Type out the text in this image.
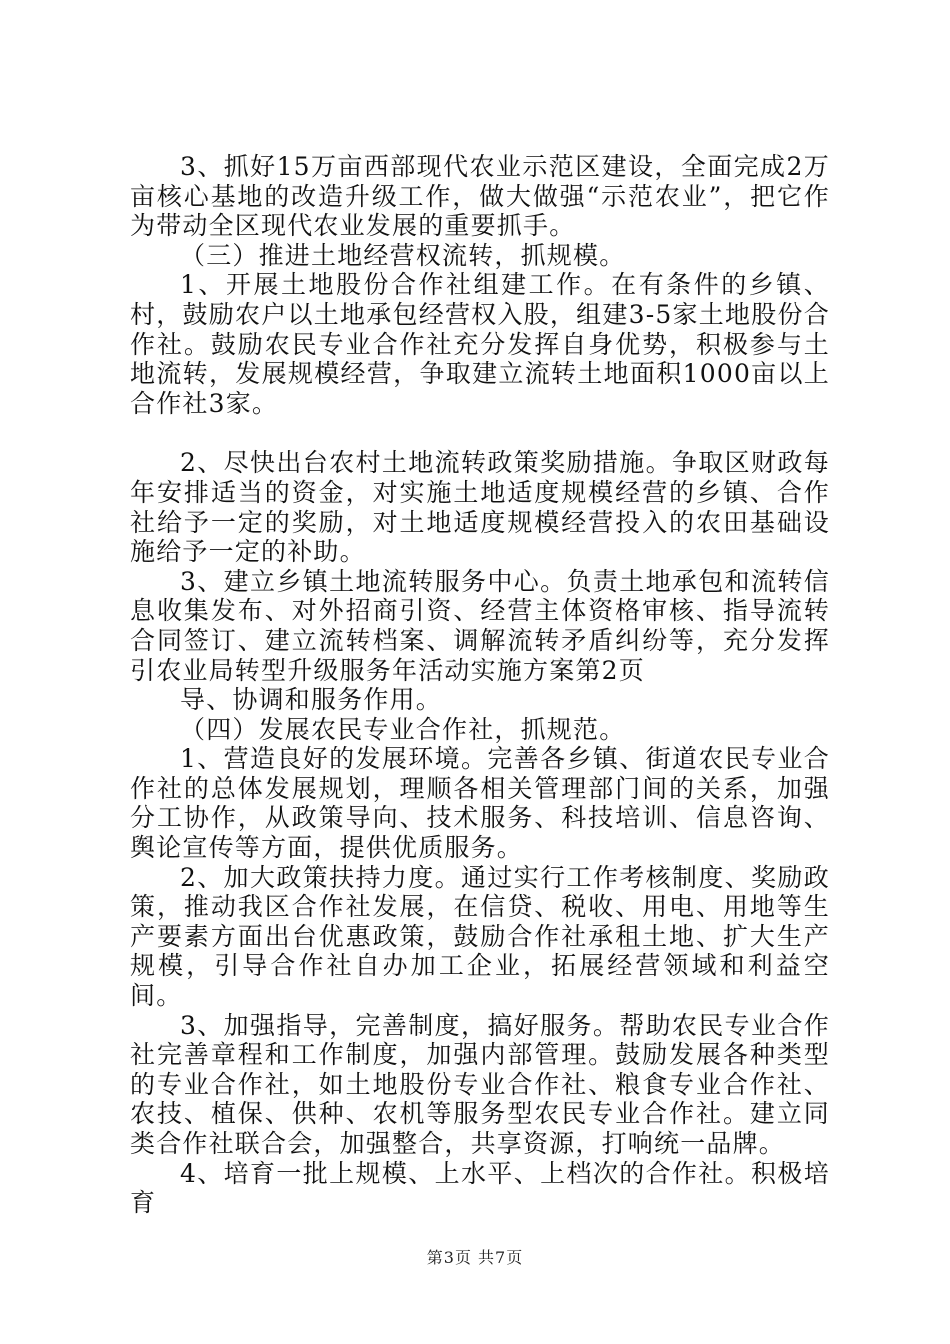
3、抓好15万亩西部现代农业示范区建设，全面完成2万亩核心基地的改造升级工作，做大做强“示范农业”，把它作为带动全区现代农业发展的重要抓手。

（三）推进土地经营权流转，抓规模。

1、开展土地股份合作社组建工作。在有条件的乡镇、村，鼓励农户以土地承包经营权入股，组建3-5家土地股份合作社。鼓励农民专业合作社充分发挥自身优势，积极参与土地流转，发展规模经营，争取建立流转土地面积1000亩以上合作社3家。

2、尽快出台农村土地流转政策奖励措施。争取区财政每年安排适当的资金，对实施土地适度规模经营的乡镇、合作社给予一定的奖励，对土地适度规模经营投入的农田基础设施给予一定的补助。

3、建立乡镇土地流转服务中心。负责土地承包和流转信息收集发布、对外招商引资、经营主体资格审核、指导流转合同签订、建立流转档案、调解流转矛盾纠纷等，充分发挥引农业局转型升级服务年活动实施方案第2页

导、协调和服务作用。

（四）发展农民专业合作社，抓规范。

1、营造良好的发展环境。完善各乡镇、街道农民专业合作社的总体发展规划，理顺各相关管理部门间的关系，加强分工协作，从政策导向、技术服务、科技培训、信息咨询、舆论宣传等方面，提供优质服务。

2、加大政策扶持力度。通过实行工作考核制度、奖励政策，推动我区合作社发展，在信贷、税收、用电、用地等生产要素方面出台优惠政策，鼓励合作社承租土地、扩大生产规模，引导合作社自办加工企业，拓展经营领域和利益空间。

3、加强指导，完善制度，搞好服务。帮助农民专业合作社完善章程和工作制度，加强内部管理。鼓励发展各种类型的专业合作社，如土地股份专业合作社、粮食专业合作社、农技、植保、供种、农机等服务型农民专业合作社。建立同类合作社联合会，加强整合，共享资源，打响统一品牌。

4、培育一批上规模、上水平、上档次的合作社。积极培育

第3页 共7页
